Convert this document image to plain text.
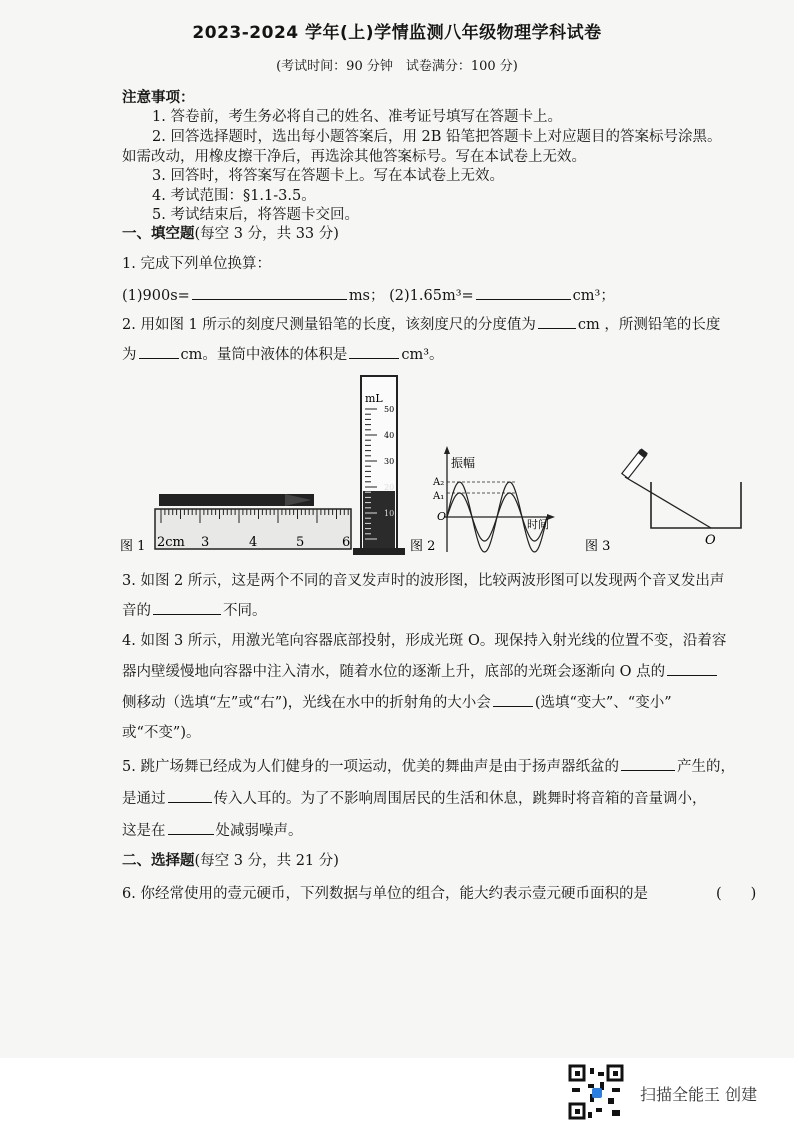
2023-2024 学年(上)学情监测八年级物理学科试卷
(考试时间：90 分钟　试卷满分：100 分)
注意事项：
1. 答卷前，考生务必将自己的姓名、准考证号填写在答题卡上。
2. 回答选择题时，选出每小题答案后，用 2B 铅笔把答题卡上对应题目的答案标号涂黑。
如需改动，用橡皮擦干净后，再选涂其他答案标号。写在本试卷上无效。
3. 回答时，将答案写在答题卡上。写在本试卷上无效。
4. 考试范围：§1.1-3.5。
5. 考试结束后，将答题卡交回。
一、填空题(每空 3 分，共 33 分)
1. 完成下列单位换算：
(1)900s=	ms； (2)1.65m³=	cm³；
2. 用如图 1 所示的刻度尺测量铅笔的长度，该刻度尺的分度值为	cm ，所测铅笔的长度
为	cm。量筒中液体的体积是	cm³。
2cm 3	4	5	6
图 1
mL
50
40
30
20
10
图 2
振幅
时间
A₂
A₁
O
图 3	O
3. 如图 2 所示，这是两个不同的音叉发声时的波形图，比较两波形图可以发现两个音叉发出声
音的	不同。
4. 如图 3 所示，用激光笔向容器底部投射，形成光斑 O。现保持入射光线的位置不变，沿着容
器内壁缓慢地向容器中注入清水，随着水位的逐渐上升，底部的光斑会逐渐向 O 点的
侧移动（选填“左”或“右”)，光线在水中的折射角的大小会	(选填“变大”、“变小”
或“不变”)。
5. 跳广场舞已经成为人们健身的一项运动，优美的舞曲声是由于扬声器纸盆的	产生的，
是通过	传入人耳的。为了不影响周围居民的生活和休息，跳舞时将音箱的音量调小，
这是在	处减弱噪声。
二、选择题(每空 3 分，共 21 分)
6. 你经常使用的壹元硬币，下列数据与单位的组合，能大约表示壹元硬币面积的是	(　　)
扫描全能王 创建
